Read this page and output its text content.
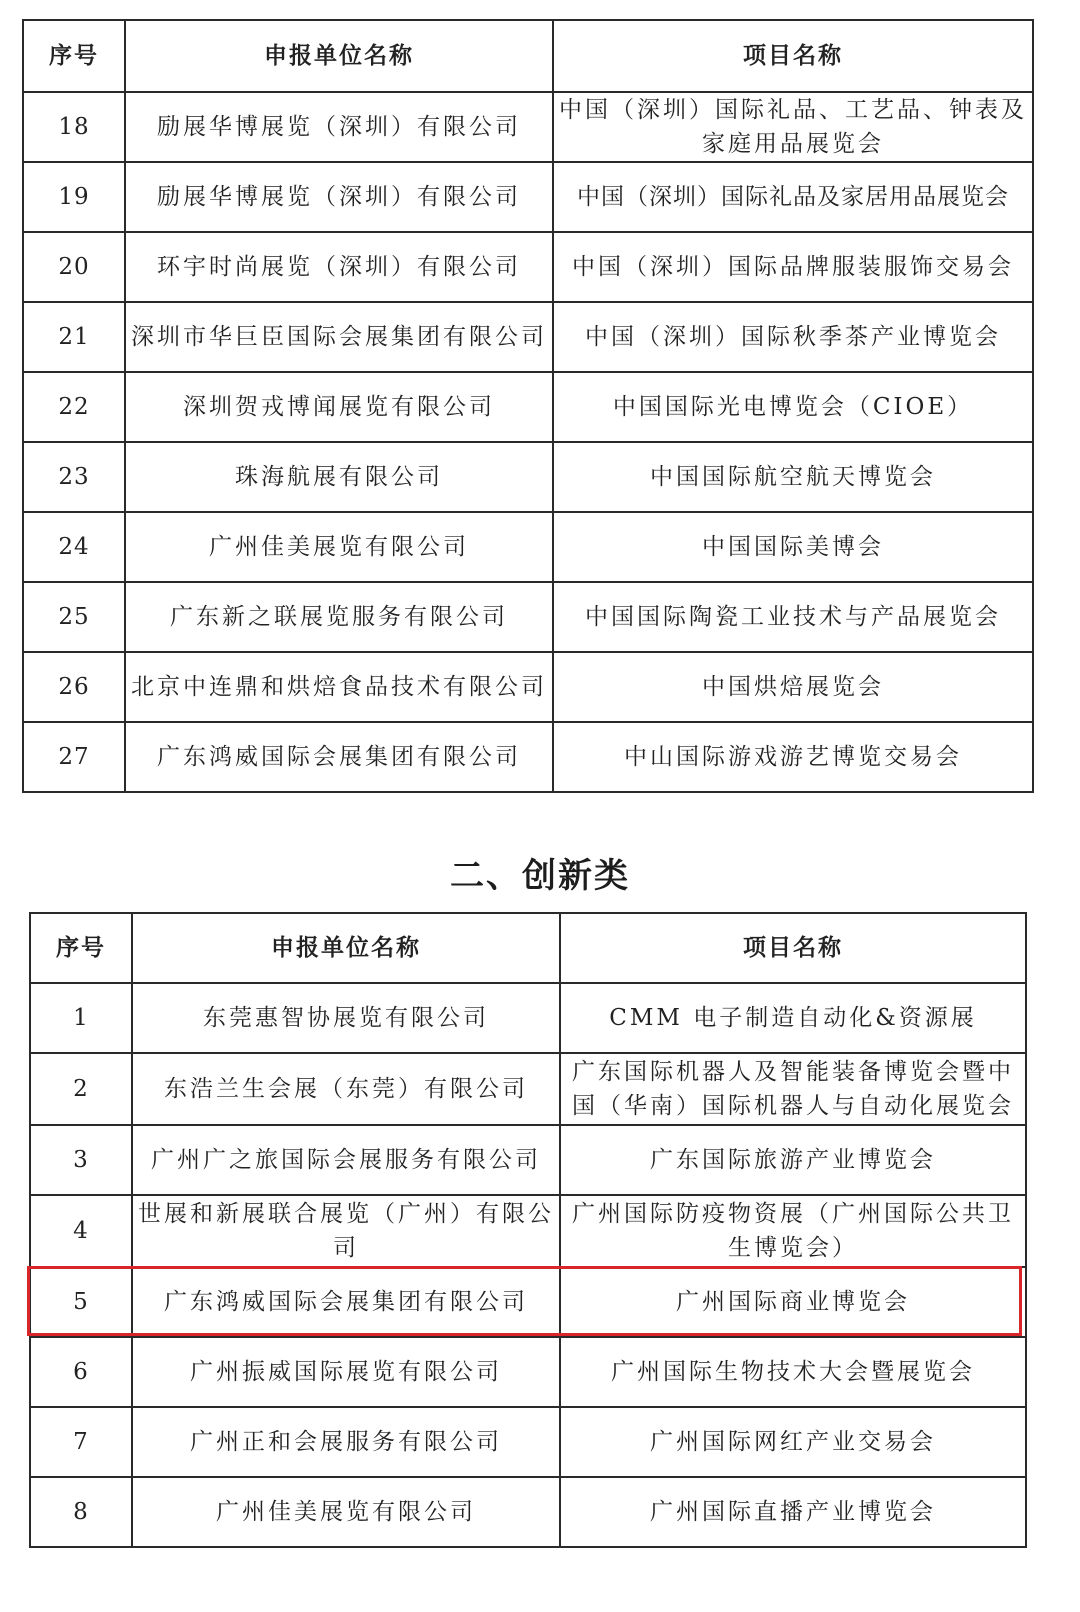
序号	申报单位名称	项目名称
18	励展华博展览（深圳）有限公司	中国（深圳）国际礼品、工艺品、钟表及家庭用品展览会
19	励展华博展览（深圳）有限公司	中国（深圳）国际礼品及家居用品展览会
20	环宇时尚展览（深圳）有限公司	中国（深圳）国际品牌服装服饰交易会
21	深圳市华巨臣国际会展集团有限公司	中国（深圳）国际秋季茶产业博览会
22	深圳贺戎博闻展览有限公司	中国国际光电博览会（CIOE）
23	珠海航展有限公司	中国国际航空航天博览会
24	广州佳美展览有限公司	中国国际美博会
25	广东新之联展览服务有限公司	中国国际陶瓷工业技术与产品展览会
26	北京中连鼎和烘焙食品技术有限公司	中国烘焙展览会
27	广东鸿威国际会展集团有限公司	中山国际游戏游艺博览交易会
二、创新类
序号	申报单位名称	项目名称
1	东莞惠智协展览有限公司	CMM 电子制造自动化&资源展
2	东浩兰生会展（东莞）有限公司	广东国际机器人及智能装备博览会暨中国（华南）国际机器人与自动化展览会
3	广州广之旅国际会展服务有限公司	广东国际旅游产业博览会
4	世展和新展联合展览（广州）有限公司	广州国际防疫物资展（广州国际公共卫生博览会）
5	广东鸿威国际会展集团有限公司	广州国际商业博览会
6	广州振威国际展览有限公司	广州国际生物技术大会暨展览会
7	广州正和会展服务有限公司	广州国际网红产业交易会
8	广州佳美展览有限公司	广州国际直播产业博览会
